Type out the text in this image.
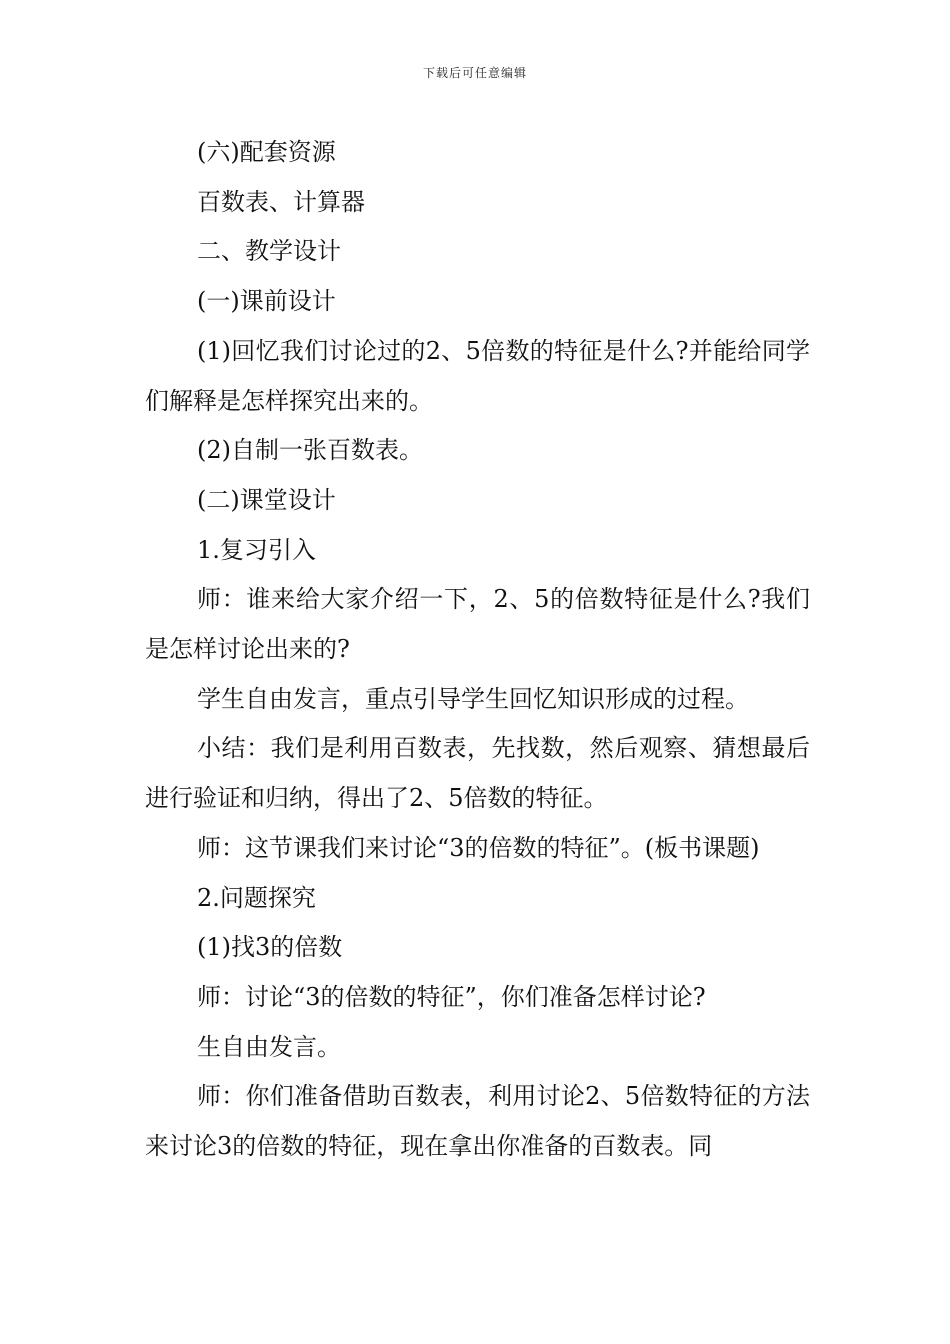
下载后可任意编辑

(六)配套资源

百数表、计算器

二、教学设计

(一)课前设计

(1)回忆我们讨论过的2、5倍数的特征是什么?并能给同学们解释是怎样探究出来的。

(2)自制一张百数表。

(二)课堂设计

1.复习引入

师：谁来给大家介绍一下，2、5的倍数特征是什么?我们是怎样讨论出来的?

学生自由发言，重点引导学生回忆知识形成的过程。

小结：我们是利用百数表，先找数，然后观察、猜想最后进行验证和归纳，得出了2、5倍数的特征。

师：这节课我们来讨论“3的倍数的特征”。(板书课题)

2.问题探究

(1)找3的倍数

师：讨论“3的倍数的特征”，你们准备怎样讨论?

生自由发言。

师：你们准备借助百数表，利用讨论2、5倍数特征的方法来讨论3的倍数的特征，现在拿出你准备的百数表。同
